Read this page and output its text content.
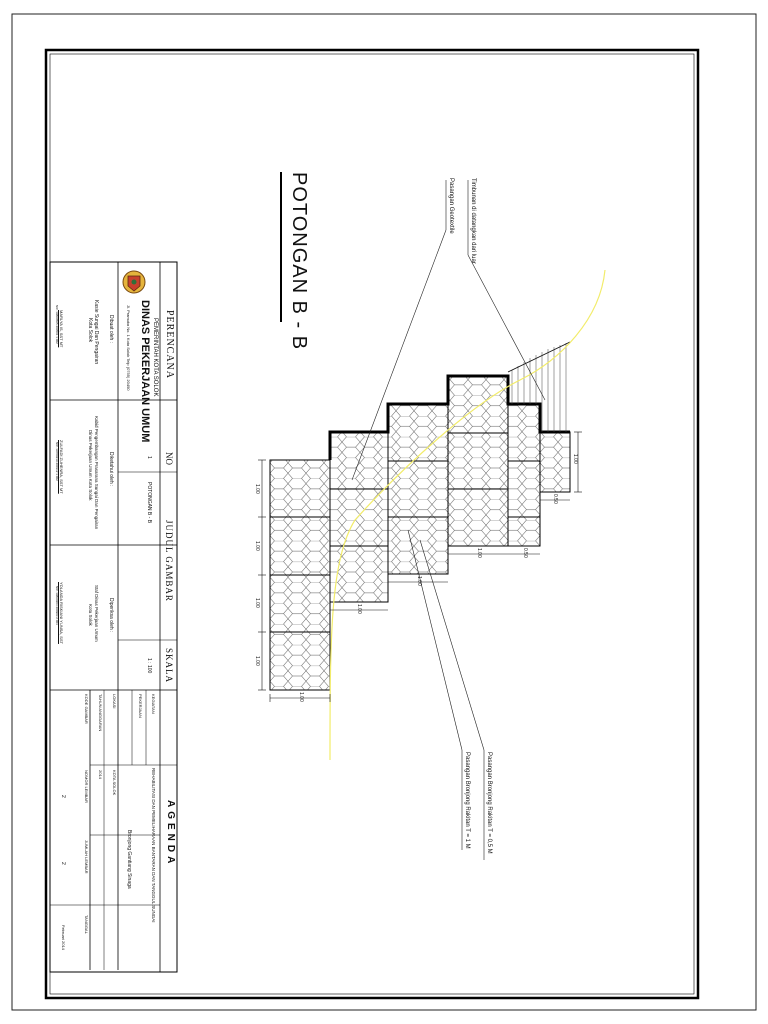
POTONGAN B - B	Timbunan di datangkan dari luar
Pasangan Geotextile
Pasangan Bronjong Rakitan T = 0,5 M
Pasangan Bronjong Rakitan T = 1 M
1.00
1.00
1.00
1.00
1.00
1.00
1.00
1.00	0.50
0.50
1.00
PERENCANA
PEMERINTAH KOTA SOLOK
DINAS PEKERJAAN UMUM
Jl. Pramuka No. 1 Kota Solok Telp (0755) 20490
Dibuat oleh :
Kasie Sungai Dan Pengairan
Kota Solok
MARLYA IS, SST MT
NIP. 19800505 200501 1 002
Diketahui oleh :
Kabid Pengembangan Prasarana Sungai Dan Pengairan
Dinas Pekerjaan Umum Kota Solok
ZULFADI ZUHENRA, SST MT
NIP. 19780219 200312 1 002
Diperiksa oleh :
Staf Dinas Pekerjaan Umum
Kota Solok
YOLANDA RISKIANI YUNSA, SST
NIP. 19860203 200903 2 003
NO
JUDUL GAMBAR
SKALA
1
POTONGAN B - B
1 : 100
AGENDA
KEGIATAN
REHABILITASI DAN PEMELIHARAAN BANTARAN DAN TANGGUL SUNGAI
PEKERJAAN
Bronjong Gantiang Sinaga
LOKASI
KOTA SOLOK
TAHUN ANGGARAN
2014
KODE GAMBAR
NOMOR LEMBAR
JUMLAH LEMBAR
TANGGAL
2
2
Februari 2014
